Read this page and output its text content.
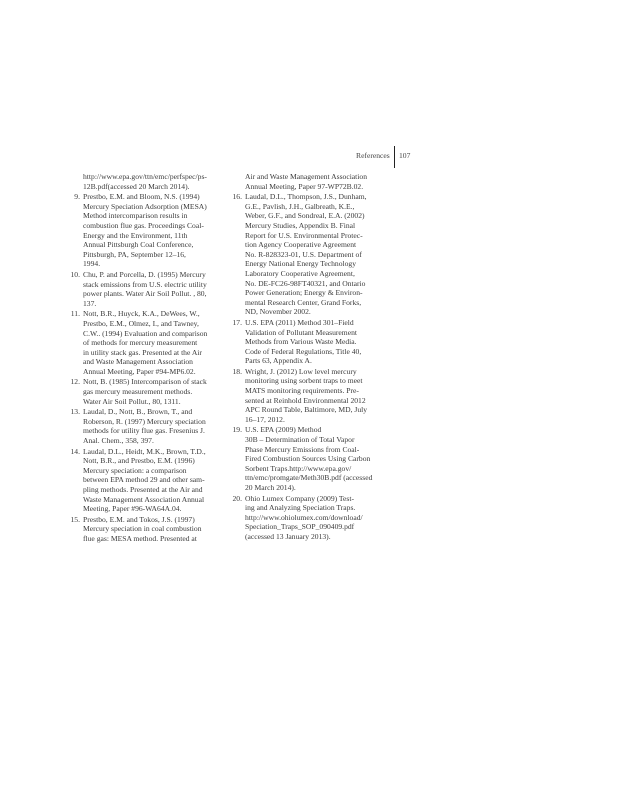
References 107
http://www.epa.gov/ttn/emc/perfspec/ps-
12B.pdf(accessed 20 March 2014).
9. Prestbo, E.M. and Bloom, N.S. (1994)
Mercury Speciation Adsorption (MESA)
Method intercomparison results in
combustion flue gas. Proceedings Coal-
Energy and the Environment, 11th
Annual Pittsburgh Coal Conference,
Pittsburgh, PA, September 12–16,
1994.
10. Chu, P. and Porcella, D. (1995) Mercury
stack emissions from U.S. electric utility
power plants. Water Air Soil Pollut. , 80,
137.
11. Nott, B.R., Huyck, K.A., DeWees, W.,
Prestbo, E.M., Olmez, I., and Tawney,
C.W.. (1994) Evaluation and comparison
of methods for mercury measurement
in utility stack gas. Presented at the Air
and Waste Management Association
Annual Meeting, Paper #94-MP6.02.
12. Nott, B. (1985) Intercomparison of stack
gas mercury measurement methods.
Water Air Soil Pollut., 80, 1311.
13. Laudal, D., Nott, B., Brown, T., and
Roberson, R. (1997) Mercury speciation
methods for utility flue gas. Fresenius J.
Anal. Chem., 358, 397.
14. Laudal, D.L., Heidt, M.K., Brown, T.D.,
Nott, B.R., and Prestbo, E.M. (1996)
Mercury speciation: a comparison
between EPA method 29 and other sam-
pling methods. Presented at the Air and
Waste Management Association Annual
Meeting, Paper #96-WA64A.04.
15. Prestbo, E.M. and Tokos, J.S. (1997)
Mercury speciation in coal combustion
flue gas: MESA method. Presented at
Air and Waste Management Association
Annual Meeting, Paper 97-WP72B.02.
16. Laudal, D.L., Thompson, J.S., Dunham,
G.E., Pavlish, J.H., Galbreath, K.E.,
Weber, G.F., and Sondreal, E.A. (2002)
Mercury Studies, Appendix B. Final
Report for U.S. Environmental Protec-
tion Agency Cooperative Agreement
No. R-828323-01, U.S. Department of
Energy National Energy Technology
Laboratory Cooperative Agreement,
No. DE-FC26-98FT40321, and Ontario
Power Generation; Energy & Environ-
mental Research Center, Grand Forks,
ND, November 2002.
17. U.S. EPA (2011) Method 301–Field
Validation of Pollutant Measurement
Methods from Various Waste Media.
Code of Federal Regulations, Title 40,
Parts 63, Appendix A.
18. Wright, J. (2012) Low level mercury
monitoring using sorbent traps to meet
MATS monitoring requirements. Pre-
sented at Reinhold Environmental 2012
APC Round Table, Baltimore, MD, July
16–17, 2012.
19. U.S. EPA (2009) Method
30B – Determination of Total Vapor
Phase Mercury Emissions from Coal-
Fired Combustion Sources Using Carbon
Sorbent Traps.http://www.epa.gov/
ttn/emc/promgate/Meth30B.pdf (accessed
20 March 2014).
20. Ohio Lumex Company (2009) Test-
ing and Analyzing Speciation Traps.
http://www.ohiolumex.com/download/
Speciation_Traps_SOP_090409.pdf
(accessed 13 January 2013).
